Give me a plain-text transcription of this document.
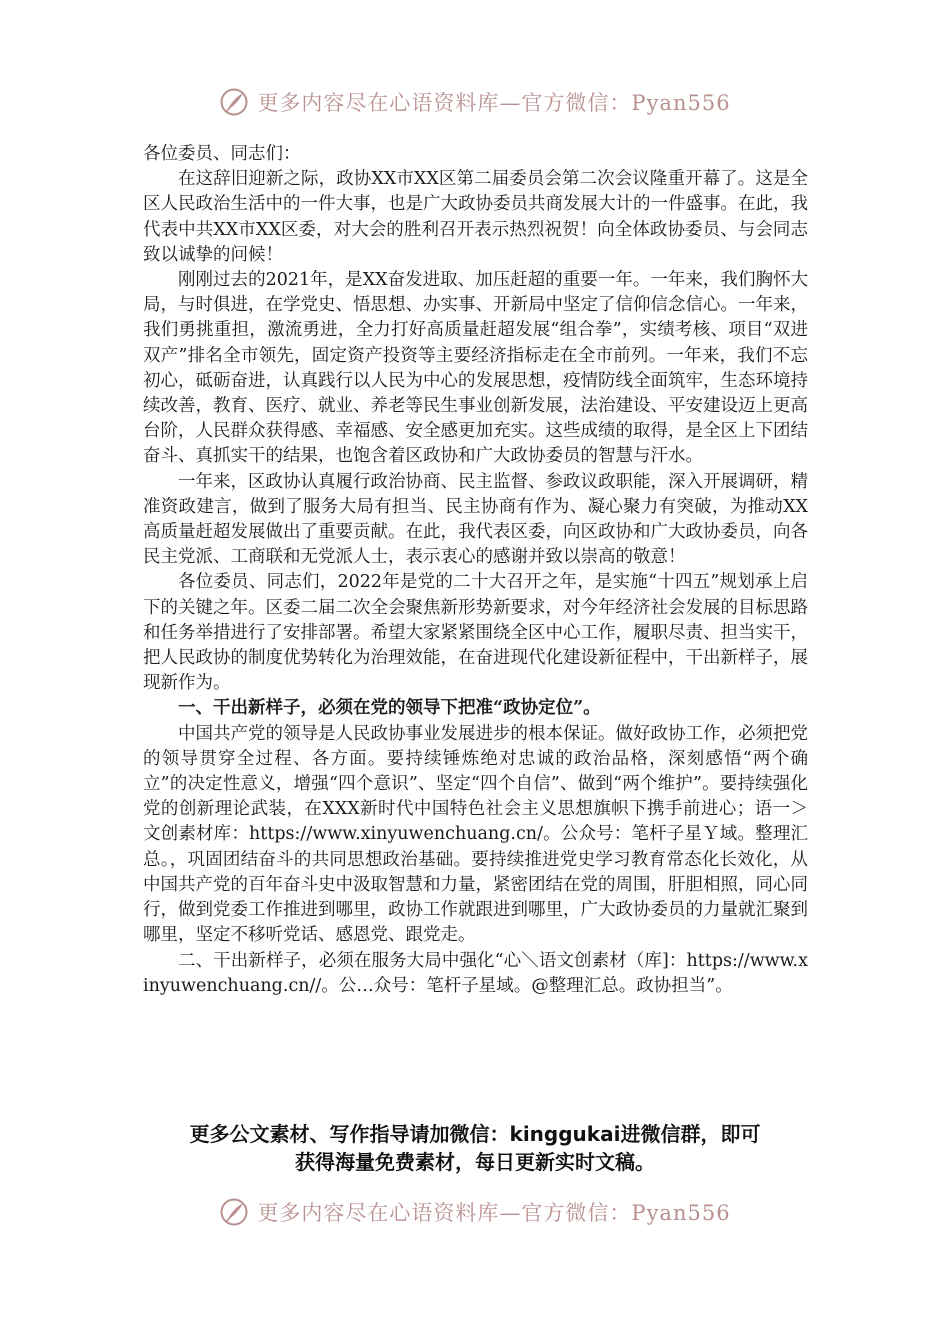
更多内容尽在心语资料库—官方微信：Pyan556

各位委员、同志们：

在这辞旧迎新之际，政协XX市XX区第二届委员会第二次会议隆重开幕了。这是全区人民政治生活中的一件大事，也是广大政协委员共商发展大计的一件盛事。在此，我代表中共XX市XX区委，对大会的胜利召开表示热烈祝贺！向全体政协委员、与会同志致以诚挚的问候！

刚刚过去的2021年，是XX奋发进取、加压赶超的重要一年。一年来，我们胸怀大局，与时俱进，在学党史、悟思想、办实事、开新局中坚定了信仰信念信心。一年来，我们勇挑重担，激流勇进，全力打好高质量赶超发展“组合拳”，实绩考核、项目“双进双产”排名全市领先，固定资产投资等主要经济指标走在全市前列。一年来，我们不忘初心，砥砺奋进，认真践行以人民为中心的发展思想，疫情防线全面筑牢，生态环境持续改善，教育、医疗、就业、养老等民生事业创新发展，法治建设、平安建设迈上更高台阶，人民群众获得感、幸福感、安全感更加充实。这些成绩的取得，是全区上下团结奋斗、真抓实干的结果，也饱含着区政协和广大政协委员的智慧与汗水。

一年来，区政协认真履行政治协商、民主监督、参政议政职能，深入开展调研，精准资政建言，做到了服务大局有担当、民主协商有作为、凝心聚力有突破，为推动XX高质量赶超发展做出了重要贡献。在此，我代表区委，向区政协和广大政协委员，向各民主党派、工商联和无党派人士，表示衷心的感谢并致以崇高的敬意！

各位委员、同志们，2022年是党的二十大召开之年，是实施“十四五”规划承上启下的关键之年。区委二届二次全会聚焦新形势新要求，对今年经济社会发展的目标思路和任务举措进行了安排部署。希望大家紧紧围绕全区中心工作，履职尽责、担当实干，把人民政协的制度优势转化为治理效能，在奋进现代化建设新征程中，干出新样子，展现新作为。

一、干出新样子，必须在党的领导下把准“政协定位”。

中国共产党的领导是人民政协事业发展进步的根本保证。做好政协工作，必须把党的领导贯穿全过程、各方面。要持续锤炼绝对忠诚的政治品格，深刻感悟“两个确立”的决定性意义，增强“四个意识”、坚定“四个自信”、做到“两个维护”。要持续强化党的创新理论武装，在XXX新时代中国特色社会主义思想旗帜下携手前进心；语一＞文创素材库：https://www.xinyuwenchuang.cn/。公众号：笔杆子星Ｙ域。整理汇总。，巩固团结奋斗的共同思想政治基础。要持续推进党史学习教育常态化长效化，从中国共产党的百年奋斗史中汲取智慧和力量，紧密团结在党的周围，肝胆相照，同心同行，做到党委工作推进到哪里，政协工作就跟进到哪里，广大政协委员的力量就汇聚到哪里，坚定不移听党话、感恩党、跟党走。

二、干出新样子，必须在服务大局中强化“心＼语文创素材（库]：https://www.xinyuwenchuang.cn//。公…众号：笔杆子星域。@整理汇总。政协担当”。

更多公文素材、写作指导请加微信：kinggukai进微信群，即可
获得海量免费素材，每日更新实时文稿。
更多内容尽在心语资料库—官方微信：Pyan556
